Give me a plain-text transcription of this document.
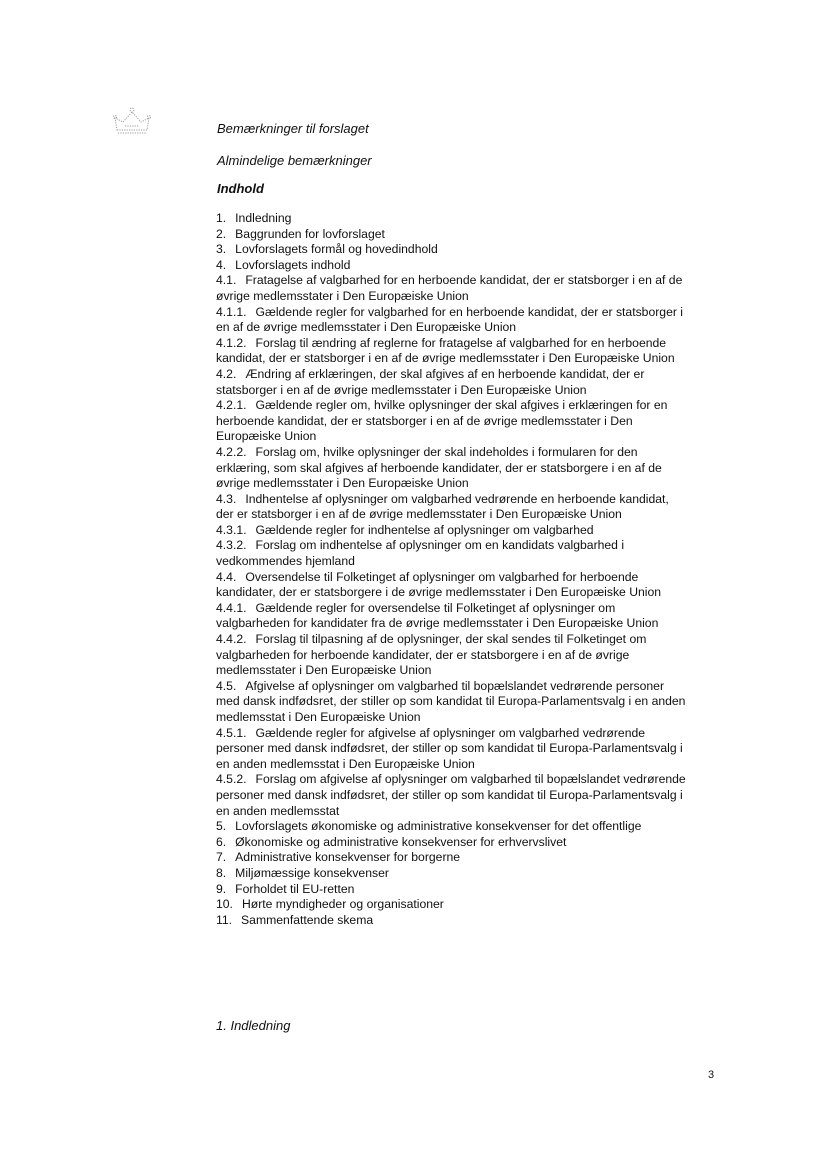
Bemærkninger til forslaget
Almindelige bemærkninger
Indhold
1. Indledning
2. Baggrunden for lovforslaget
3. Lovforslagets formål og hovedindhold
4. Lovforslagets indhold
4.1. Fratagelse af valgbarhed for en herboende kandidat, der er statsborger i en af de øvrige medlemsstater i Den Europæiske Union
4.1.1. Gældende regler for valgbarhed for en herboende kandidat, der er statsborger i en af de øvrige medlemsstater i Den Europæiske Union
4.1.2. Forslag til ændring af reglerne for fratagelse af valgbarhed for en herboende kandidat, der er statsborger i en af de øvrige medlemsstater i Den Europæiske Union
4.2. Ændring af erklæringen, der skal afgives af en herboende kandidat, der er statsborger i en af de øvrige medlemsstater i Den Europæiske Union
4.2.1. Gældende regler om, hvilke oplysninger der skal afgives i erklæringen for en herboende kandidat, der er statsborger i en af de øvrige medlemsstater i Den Europæiske Union
4.2.2. Forslag om, hvilke oplysninger der skal indeholdes i formularen for den erklæring, som skal afgives af herboende kandidater, der er statsborgere i en af de øvrige medlemsstater i Den Europæiske Union
4.3. Indhentelse af oplysninger om valgbarhed vedrørende en herboende kandidat, der er statsborger i en af de øvrige medlemsstater i Den Europæiske Union
4.3.1. Gældende regler for indhentelse af oplysninger om valgbarhed
4.3.2. Forslag om indhentelse af oplysninger om en kandidats valgbarhed i vedkommendes hjemland
4.4. Oversendelse til Folketinget af oplysninger om valgbarhed for herboende kandidater, der er statsborgere i de øvrige medlemsstater i Den Europæiske Union
4.4.1. Gældende regler for oversendelse til Folketinget af oplysninger om valgbarheden for kandidater fra de øvrige medlemsstater i Den Europæiske Union
4.4.2. Forslag til tilpasning af de oplysninger, der skal sendes til Folketinget om valgbarheden for herboende kandidater, der er statsborgere i en af de øvrige medlemsstater i Den Europæiske Union
4.5. Afgivelse af oplysninger om valgbarhed til bopælslandet vedrørende personer med dansk indfødsret, der stiller op som kandidat til Europa-Parlamentsvalg i en anden medlemsstat i Den Europæiske Union
4.5.1. Gældende regler for afgivelse af oplysninger om valgbarhed vedrørende personer med dansk indfødsret, der stiller op som kandidat til Europa-Parlamentsvalg i en anden medlemsstat i Den Europæiske Union
4.5.2. Forslag om afgivelse af oplysninger om valgbarhed til bopælslandet vedrørende personer med dansk indfødsret, der stiller op som kandidat til Europa-Parlamentsvalg i en anden medlemsstat
5. Lovforslagets økonomiske og administrative konsekvenser for det offentlige
6. Økonomiske og administrative konsekvenser for erhvervslivet
7. Administrative konsekvenser for borgerne
8. Miljømæssige konsekvenser
9. Forholdet til EU-retten
10. Hørte myndigheder og organisationer
11. Sammenfattende skema
1. Indledning
3
